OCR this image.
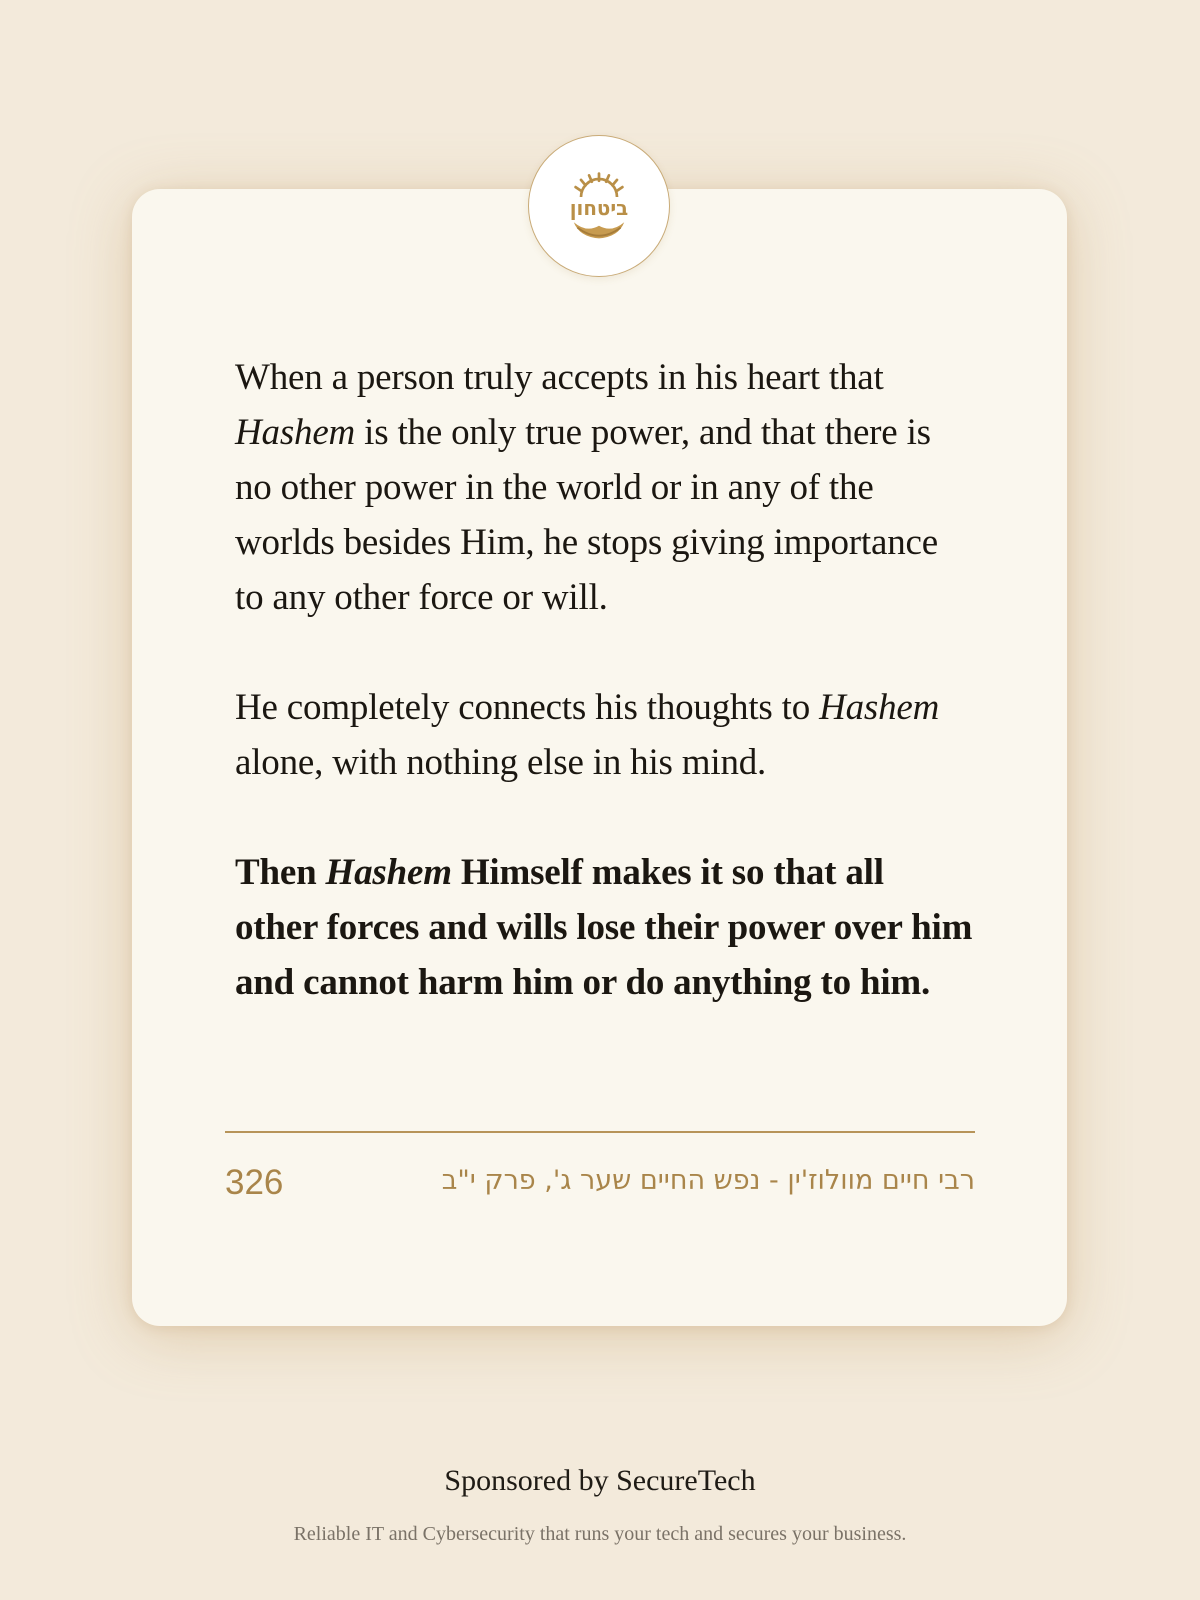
ביטחון

When a person truly accepts in his heart that
Hashem is the only true power, and that there is no other power in the world or in any of the worlds besides Him, he stops giving importance to any other force or will.

He completely connects his thoughts to Hashem alone, with nothing else in his mind.

Then Hashem Himself makes it so that all other forces and wills lose their power over him and cannot harm him or do anything to him.

326	רבי חיים מוולוז'ין - נפש החיים שער ג', פרק י"ב
Sponsored by SecureTech
Reliable IT and Cybersecurity that runs your tech and secures your business.
